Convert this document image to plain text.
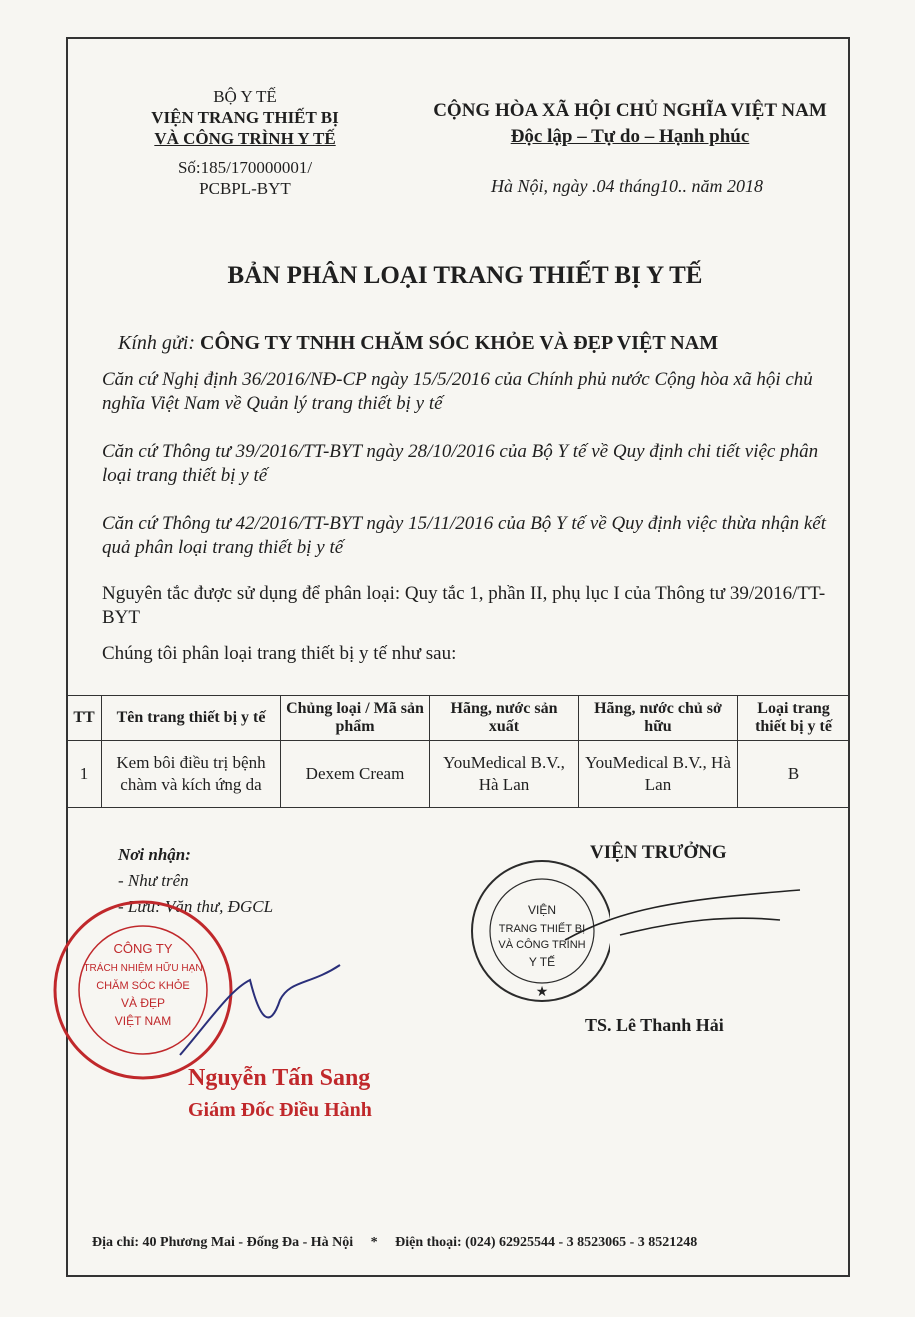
BỘ Y TẾ
VIỆN TRANG THIẾT BỊ
VÀ CÔNG TRÌNH Y TẾ
Số:185/170000001/
PCBPL-BYT
CỘNG HÒA XÃ HỘI CHỦ NGHĨA VIỆT NAM
Độc lập – Tự do – Hạnh phúc
Hà Nội, ngày .04 tháng10.. năm 2018
BẢN PHÂN LOẠI TRANG THIẾT BỊ Y TẾ
Kính gửi: CÔNG TY TNHH CHĂM SÓC KHỎE VÀ ĐẸP VIỆT NAM
Căn cứ Nghị định 36/2016/NĐ-CP ngày 15/5/2016 của Chính phủ nước Cộng hòa xã hội chủ nghĩa Việt Nam về Quản lý trang thiết bị y tế
Căn cứ Thông tư 39/2016/TT-BYT ngày 28/10/2016 của Bộ Y tế về Quy định chi tiết việc phân loại trang thiết bị y tế
Căn cứ Thông tư 42/2016/TT-BYT ngày 15/11/2016 của Bộ Y tế về Quy định việc thừa nhận kết quả phân loại trang thiết bị y tế
Nguyên tắc được sử dụng để phân loại: Quy tắc 1, phần II, phụ lục I của Thông tư 39/2016/TT-BYT
Chúng tôi phân loại trang thiết bị y tế như sau:
TT	Tên trang thiết bị y tế	Chủng loại / Mã sản phẩm	Hãng, nước sản xuất	Hãng, nước chủ sở hữu	Loại trang thiết bị y tế
1	Kem bôi điều trị bệnh chàm và kích ứng da	Dexem Cream	YouMedical B.V., Hà Lan	YouMedical B.V., Hà Lan	B
Nơi nhận:
- Như trên
- Lưu: Văn thư, ĐGCL
VIỆN TRƯỞNG
VIỆN
TRANG THIẾT BỊ
VÀ CÔNG TRÌNH
Y TẾ
★
TS. Lê Thanh Hải
CÔNG TY
TRÁCH NHIỆM HỮU HẠN
CHĂM SÓC KHỎE
VÀ ĐẸP
VIỆT NAM
Nguyễn Tấn Sang
Giám Đốc Điều Hành
Địa chỉ: 40 Phương Mai - Đống Đa - Hà Nội * Điện thoại: (024) 62925544 - 3 8523065 - 3 8521248
